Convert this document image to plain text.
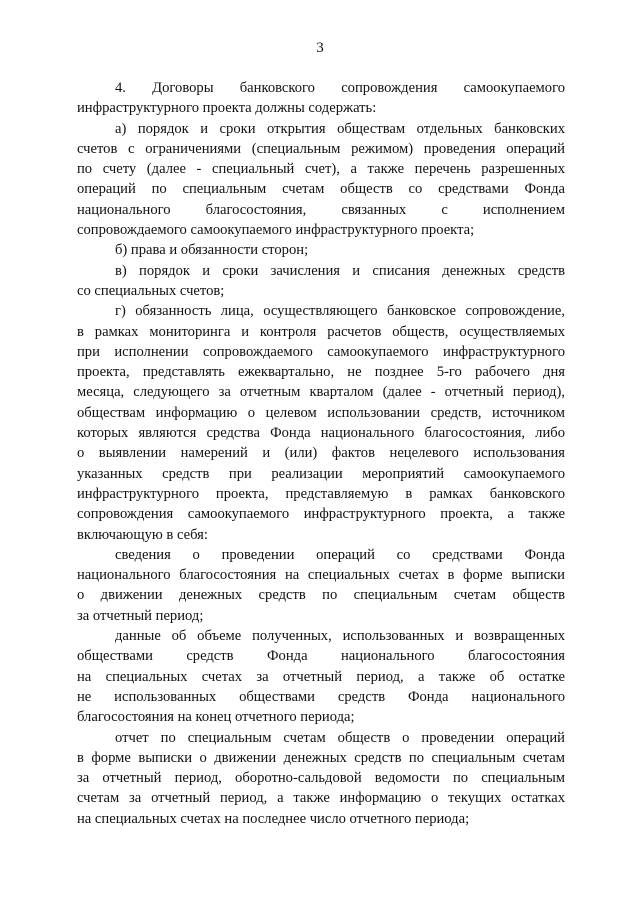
3
4. Договоры банковского сопровождения самоокупаемого
инфраструктурного проекта должны содержать:
а) порядок и сроки открытия обществам отдельных банковских
счетов с ограничениями (специальным режимом) проведения операций
по счету (далее - специальный счет), а также перечень разрешенных
операций по специальным счетам обществ со средствами Фонда
национального благосостояния, связанных с исполнением
сопровождаемого самоокупаемого инфраструктурного проекта;
б) права и обязанности сторон;
в) порядок и сроки зачисления и списания денежных средств
со специальных счетов;
г) обязанность лица, осуществляющего банковское сопровождение,
в рамках мониторинга и контроля расчетов обществ, осуществляемых
при исполнении сопровождаемого самоокупаемого инфраструктурного
проекта, представлять ежеквартально, не позднее 5-го рабочего дня
месяца, следующего за отчетным кварталом (далее - отчетный период),
обществам информацию о целевом использовании средств, источником
которых являются средства Фонда национального благосостояния, либо
о выявлении намерений и (или) фактов нецелевого использования
указанных средств при реализации мероприятий самоокупаемого
инфраструктурного проекта, представляемую в рамках банковского
сопровождения самоокупаемого инфраструктурного проекта, а также
включающую в себя:
сведения о проведении операций со средствами Фонда
национального благосостояния на специальных счетах в форме выписки
о движении денежных средств по специальным счетам обществ
за отчетный период;
данные об объеме полученных, использованных и возвращенных
обществами средств Фонда национального благосостояния
на специальных счетах за отчетный период, а также об остатке
не использованных обществами средств Фонда национального
благосостояния на конец отчетного периода;
отчет по специальным счетам обществ о проведении операций
в форме выписки о движении денежных средств по специальным счетам
за отчетный период, оборотно-сальдовой ведомости по специальным
счетам за отчетный период, а также информацию о текущих остатках
на специальных счетах на последнее число отчетного периода;
